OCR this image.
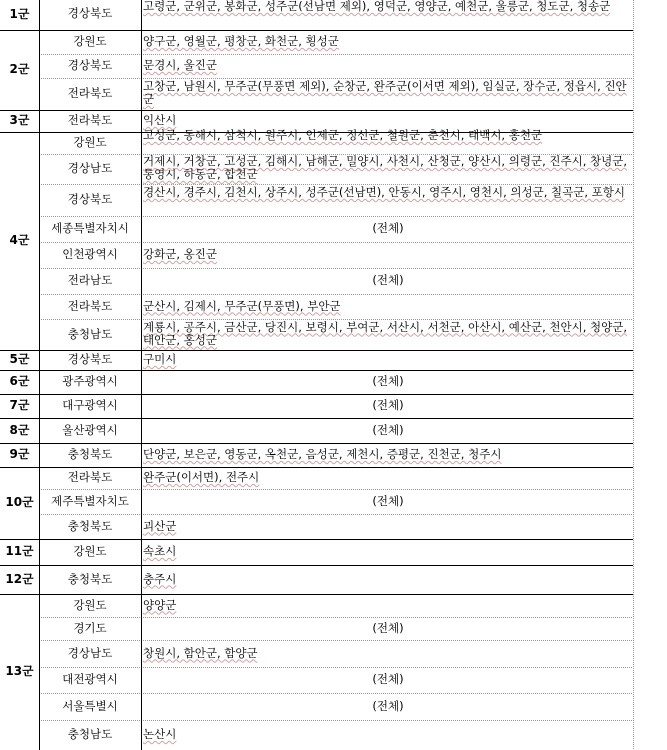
1군	경상북도	고령군, 군위군, 봉화군, 성주군(선남면 제외), 영덕군, 영양군, 예천군, 울릉군, 청도군, 청송군
2군
강원도	양구군, 영월군, 평창군, 화천군, 횡성군
경상북도	문경시, 울진군
전라북도	고창군, 남원시, 무주군(무풍면 제외), 순창군, 완주군(이서면 제외), 임실군, 장수군, 정읍시, 진안군
3군	전라북도	익산시
4군
강원도	고성군, 동해시, 삼척시, 원주시, 인제군, 정선군, 철원군, 춘천시, 태백시, 홍천군
경상남도	거제시, 거창군, 고성군, 김해시, 남해군, 밀양시, 사천시, 산청군, 양산시, 의령군, 진주시, 창녕군, 통영시, 하동군, 합천군
경상북도	경산시, 경주시, 김천시, 상주시, 성주군(선남면), 안동시, 영주시, 영천시, 의성군, 칠곡군, 포항시
세종특별자치시	(전체)
인천광역시	강화군, 옹진군
전라남도	(전체)
전라북도	군산시, 김제시, 무주군(무풍면), 부안군
충청남도	계룡시, 공주시, 금산군, 당진시, 보령시, 부여군, 서산시, 서천군, 아산시, 예산군, 천안시, 청양군, 태안군, 홍성군
5군	경상북도	구미시
6군	광주광역시	(전체)
7군	대구광역시	(전체)
8군	울산광역시	(전체)
9군	충청북도	단양군, 보은군, 영동군, 옥천군, 음성군, 제천시, 증평군, 진천군, 청주시
10군
전라북도	완주군(이서면), 전주시
제주특별자치도	(전체)
충청북도	괴산군
11군	강원도	속초시
12군	충청북도	충주시
13군
강원도	양양군
경기도	(전체)
경상남도	창원시, 함안군, 함양군
대전광역시	(전체)
서울특별시	(전체)
충청남도	논산시
